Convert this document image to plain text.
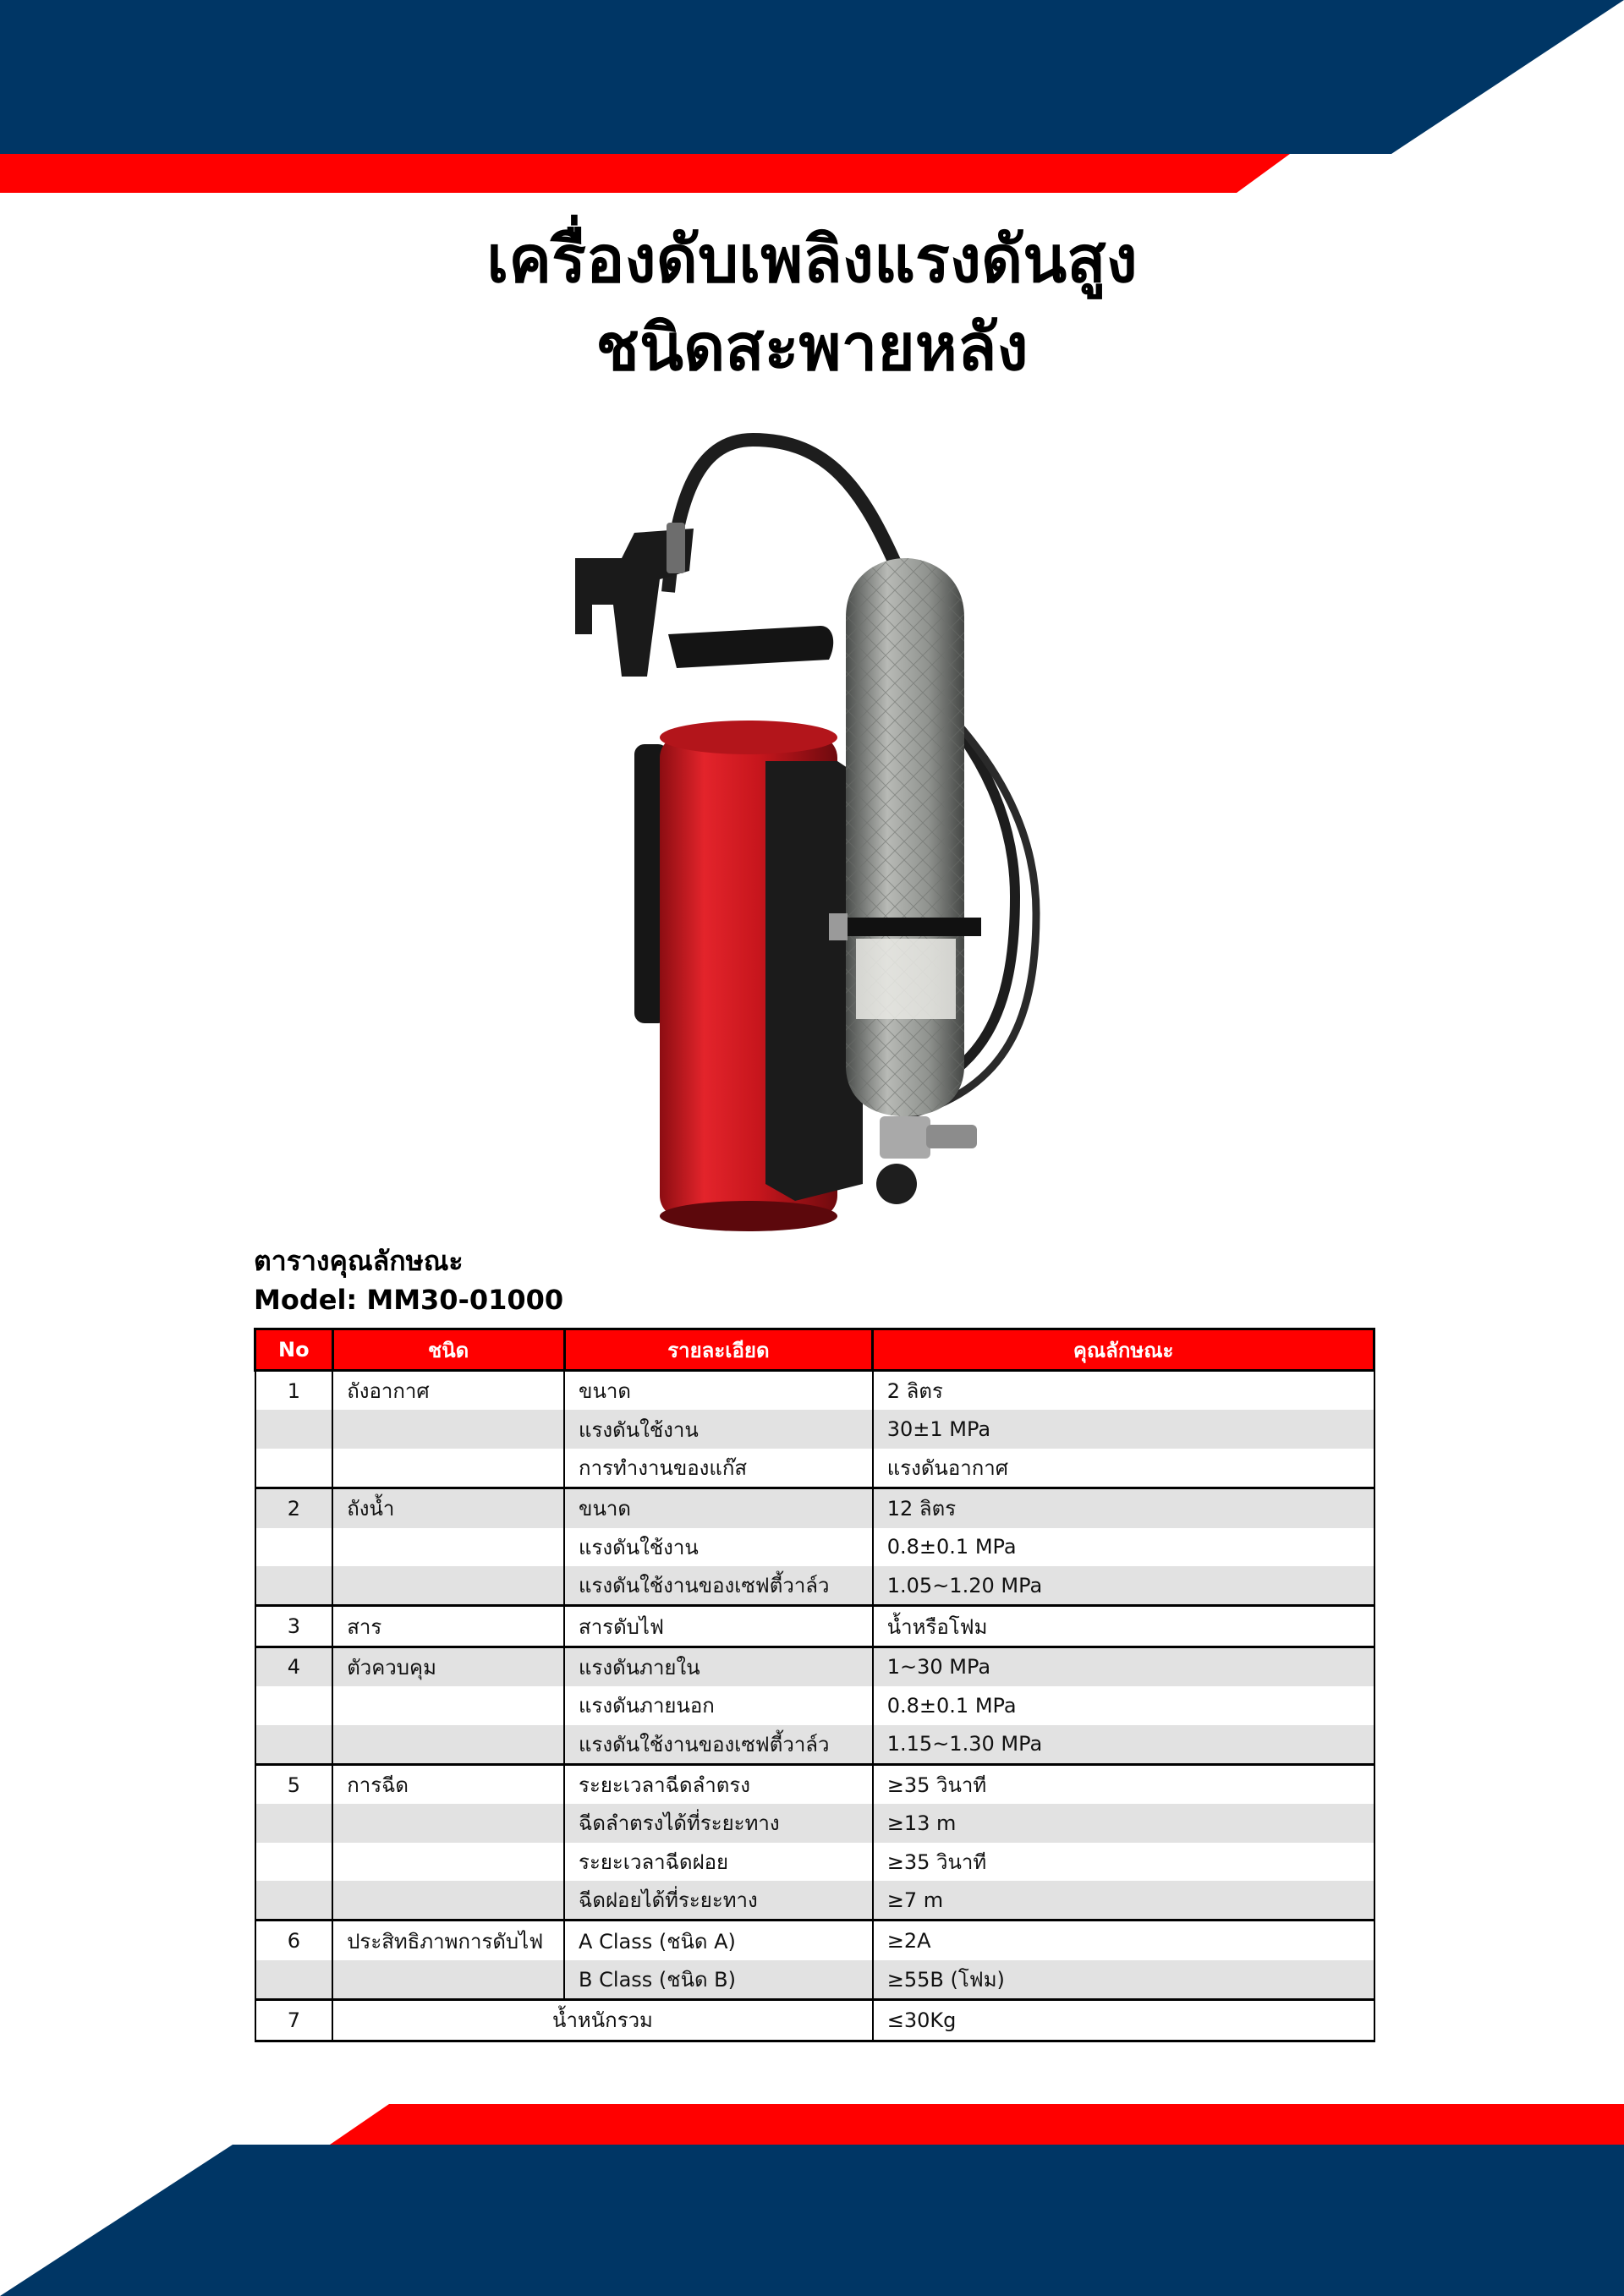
เครื่องดับเพลิงแรงดันสูง
ชนิดสะพายหลัง
ตารางคุณลักษณะ
Model: MM30-01000
No	ชนิด	รายละเอียด	คุณลักษณะ
1	ถังอากาศ	ขนาด	2 ลิตร
		แรงดันใช้งาน	30±1 MPa
		การทำงานของแก๊ส	แรงดันอากาศ
2	ถังน้ำ	ขนาด	12 ลิตร
		แรงดันใช้งาน	0.8±0.1 MPa
		แรงดันใช้งานของเซฟตี้วาล์ว	1.05~1.20 MPa
3	สาร	สารดับไฟ	น้ำหรือโฟม
4	ตัวควบคุม	แรงดันภายใน	1~30 MPa
		แรงดันภายนอก	0.8±0.1 MPa
		แรงดันใช้งานของเซฟตี้วาล์ว	1.15~1.30 MPa
5	การฉีด	ระยะเวลาฉีดลำตรง	≥35 วินาที
		ฉีดลำตรงได้ที่ระยะทาง	≥13 m
		ระยะเวลาฉีดฝอย	≥35 วินาที
		ฉีดฝอยได้ที่ระยะทาง	≥7 m
6	ประสิทธิภาพการดับไฟ	A Class (ชนิด A)	≥2A
		B Class (ชนิด B)	≥55B (โฟม)
7	น้ำหนักรวม		≤30Kg
